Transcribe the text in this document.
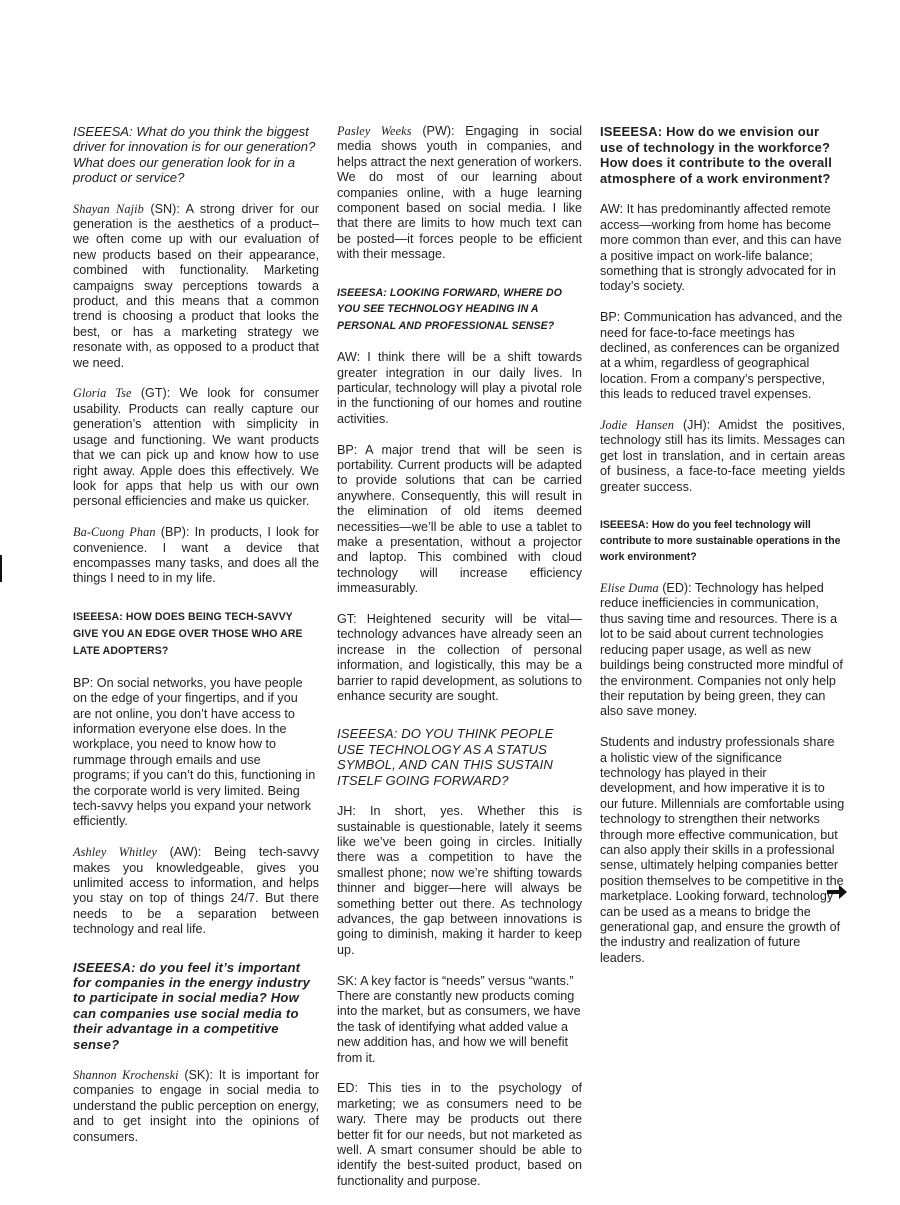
ISEEESA: What do you think the biggest driver for innovation is for our generation? What does our generation look for in a product or service?

Shayan Najib (SN): A strong driver for our generation is the aesthetics of a product–we often come up with our evaluation of new products based on their appearance, combined with functionality. Marketing campaigns sway perceptions towards a product, and this means that a common trend is choosing a product that looks the best, or has a marketing strategy we resonate with, as opposed to a product that we need.

Gloria Tse (GT): We look for consumer usability. Products can really capture our generation’s attention with simplicity in usage and functioning. We want products that we can pick up and know how to use right away. Apple does this effectively. We look for apps that help us with our own personal efficiencies and make us quicker.

Ba-Cuong Phan (BP): In products, I look for convenience. I want a device that encompasses many tasks, and does all the things I need to in my life.

ISEEESA: HOW DOES BEING TECH-SAVVY GIVE YOU AN EDGE OVER THOSE WHO ARE LATE ADOPTERS?

BP: On social networks, you have people on the edge of your fingertips, and if you are not online, you don’t have access to information everyone else does. In the workplace, you need to know how to rummage through emails and use programs; if you can’t do this, functioning in the corporate world is very limited. Being tech-savvy helps you expand your network efficiently.

Ashley Whitley (AW): Being tech-savvy makes you knowledgeable, gives you unlimited access to information, and helps you stay on top of things 24/7. But there needs to be a separation between technology and real life.

ISEEESA: do you feel it’s important for companies in the energy industry to participate in social media? How can companies use social media to their advantage in a competitive sense?

Shannon Krochenski (SK): It is important for companies to engage in social media to understand the public perception on energy, and to get insight into the opinions of consumers.

Pasley Weeks (PW): Engaging in social media shows youth in companies, and helps attract the next generation of workers. We do most of our learning about companies online, with a huge learning component based on social media. I like that there are limits to how much text can be posted—it forces people to be efficient with their message.

ISEEESA: LOOKING FORWARD, WHERE DO YOU SEE TECHNOLOGY HEADING IN A PERSONAL AND PROFESSIONAL SENSE?

AW: I think there will be a shift towards greater integration in our daily lives. In particular, technology will play a pivotal role in the functioning of our homes and routine activities.

BP: A major trend that will be seen is portability. Current products will be adapted to provide solutions that can be carried anywhere. Consequently, this will result in the elimination of old items deemed necessities—we’ll be able to use a tablet to make a presentation, without a projector and laptop. This combined with cloud technology will increase efficiency immeasurably.

GT: Heightened security will be vital—technology advances have already seen an increase in the collection of personal information, and logistically, this may be a barrier to rapid development, as solutions to enhance security are sought.

ISEEESA: DO YOU THINK PEOPLE USE TECHNOLOGY AS A STATUS SYMBOL, AND CAN THIS SUSTAIN ITSELF GOING FORWARD?

JH: In short, yes. Whether this is sustainable is questionable, lately it seems like we’ve been going in circles. Initially there was a competition to have the smallest phone; now we’re shifting towards thinner and bigger—here will always be something better out there. As technology advances, the gap between innovations is going to diminish, making it harder to keep up.

SK: A key factor is “needs” versus “wants.” There are constantly new products coming into the market, but as consumers, we have the task of identifying what added value a new addition has, and how we will benefit from it.

ED: This ties in to the psychology of marketing; we as consumers need to be wary. There may be products out there better fit for our needs, but not marketed as well. A smart consumer should be able to identify the best-suited product, based on functionality and purpose.

ISEEESA: How do we envision our use of technology in the workforce? How does it contribute to the overall atmosphere of a work environment?

AW: It has predominantly affected remote access—working from home has become more common than ever, and this can have a positive impact on work-life balance; something that is strongly advocated for in today’s society.

BP: Communication has advanced, and the need for face-to-face meetings has declined, as conferences can be organized at a whim, regardless of geographical location. From a company’s perspective, this leads to reduced travel expenses.

Jodie Hansen (JH): Amidst the positives, technology still has its limits. Messages can get lost in translation, and in certain areas of business, a face-to-face meeting yields greater success.

ISEEESA: How do you feel technology will contribute to more sustainable operations in the work environment?

Elise Duma (ED): Technology has helped reduce inefficiencies in communication, thus saving time and resources. There is a lot to be said about current technologies reducing paper usage, as well as new buildings being constructed more mindful of the environment. Companies not only help their reputation by being green, they can also save money.

Students and industry professionals share a holistic view of the significance technology has played in their development, and how imperative it is to our future. Millennials are comfortable using technology to strengthen their networks through more effective communication, but can also apply their skills in a professional sense, ultimately helping companies better position themselves to be competitive in the marketplace. Looking forward, technology can be used as a means to bridge the generational gap, and ensure the growth of the industry and realization of future leaders.
